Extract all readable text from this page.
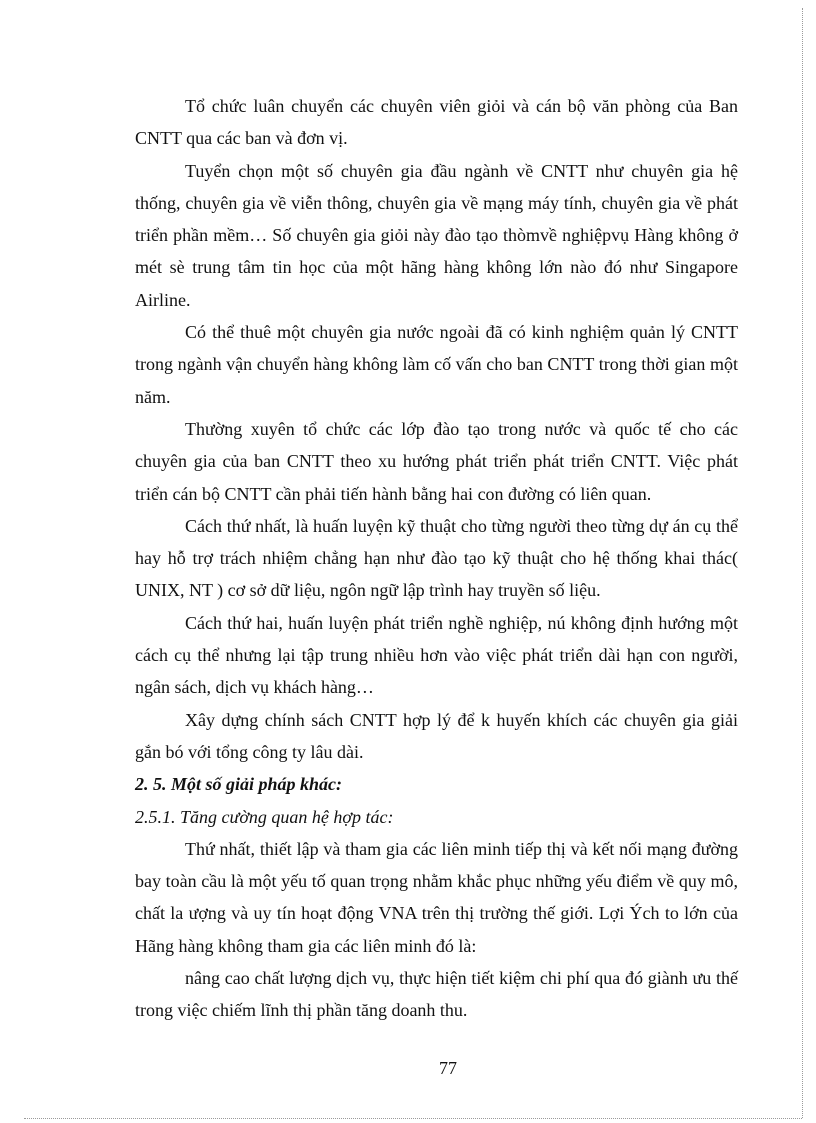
Tổ chức luân chuyển các chuyên viên giỏi và cán bộ văn phòng của Ban CNTT qua các ban và đơn vị.

Tuyển chọn một số chuyên gia đầu ngành về CNTT như chuyên gia hệ thống, chuyên gia về viễn thông, chuyên gia về mạng máy tính, chuyên gia về phát triển phần mềm… Số chuyên gia giỏi này đào tạo thòmvề nghiệpvụ Hàng không ở mét sè trung tâm tin học của một hãng hàng không lớn nào đó như Singapore Airline.

Có thể thuê một chuyên gia nước ngoài đã có kinh nghiệm quản lý CNTT trong ngành vận chuyển hàng không làm cố vấn cho ban CNTT trong thời gian một năm.

Thường xuyên tổ chức các lớp đào tạo trong nước và quốc tế cho các chuyên gia của ban CNTT theo xu hướng phát triển phát triển CNTT. Việc phát triển cán bộ CNTT cần phải tiến hành bằng hai con đường có liên quan.

Cách thứ nhất, là huấn luyện kỹ thuật cho từng người theo từng dự án cụ thể hay hỗ trợ trách nhiệm chẳng hạn như đào tạo kỹ thuật cho hệ thống khai thác( UNIX, NT ) cơ sở dữ liệu, ngôn ngữ lập trình hay truyền số liệu.

Cách thứ hai, huấn luyện phát triển nghề nghiệp, nú không định hướng một cách cụ thể nhưng lại tập trung nhiều hơn vào việc phát triển dài hạn con người, ngân sách, dịch vụ khách hàng…

Xây dựng chính sách CNTT hợp lý để k huyến khích các chuyên gia giải gắn bó với tổng công ty lâu dài.

2. 5. Một số giải pháp khác:
2.5.1. Tăng cường quan hệ hợp tác:

Thứ nhất, thiết lập và tham gia các liên minh tiếp thị và kết nối mạng đường bay toàn cầu là một yếu tố quan trọng nhằm khắc phục những yếu điểm về quy mô, chất la ượng và uy tín hoạt động VNA trên thị trường thế giới. Lợi Ých to lớn của Hãng hàng không tham gia các liên minh đó là:

nâng cao chất lượng dịch vụ, thực hiện tiết kiệm chi phí qua đó giành ưu thế trong việc chiếm lĩnh thị phần tăng doanh thu.

77
